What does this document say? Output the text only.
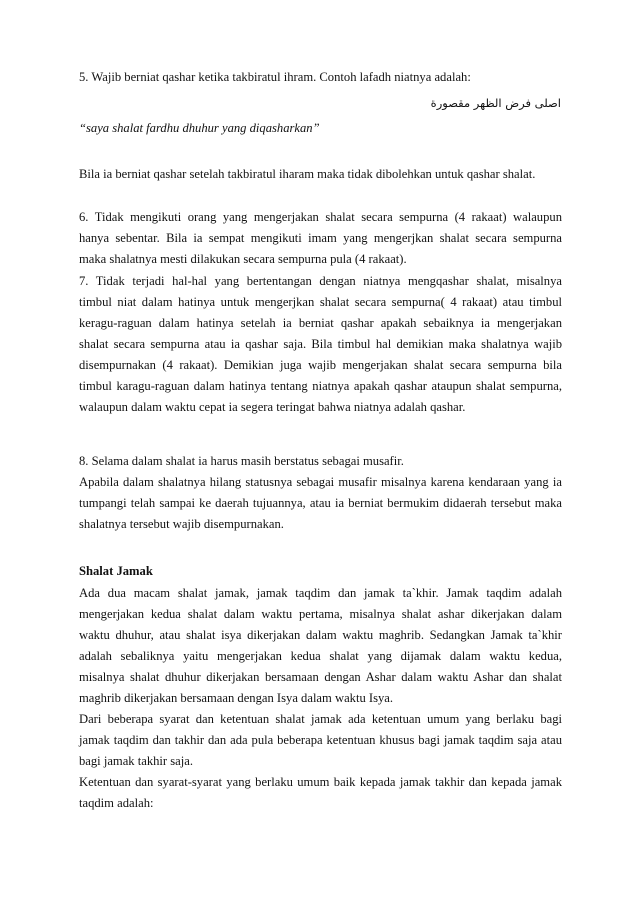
5. Wajib berniat qashar ketika takbiratul ihram. Contoh lafadh niatnya adalah:
اصلى فرض الظهر مقصورة
“saya shalat fardhu dhuhur yang diqasharkan”
Bila ia berniat qashar setelah takbiratul iharam maka tidak dibolehkan untuk qashar shalat.
6. Tidak mengikuti orang yang mengerjakan shalat secara sempurna (4 rakaat) walaupun
hanya sebentar. Bila ia sempat mengikuti imam yang mengerjkan shalat secara sempurna
maka shalatnya mesti dilakukan secara sempurna pula (4 rakaat).
7. Tidak terjadi hal-hal yang bertentangan dengan niatnya mengqashar shalat, misalnya
timbul niat dalam hatinya untuk mengerjkan shalat secara sempurna( 4 rakaat) atau timbul
keragu-raguan dalam hatinya setelah ia berniat qashar apakah sebaiknya ia mengerjakan
shalat secara sempurna atau ia qashar saja. Bila timbul hal demikian maka shalatnya wajib
disempurnakan (4 rakaat). Demikian juga wajib mengerjakan shalat secara sempurna bila
timbul karagu-raguan dalam hatinya tentang niatnya apakah qashar ataupun shalat sempurna,
walaupun dalam waktu cepat ia segera teringat bahwa niatnya adalah qashar.
8. Selama dalam shalat ia harus masih berstatus sebagai musafir.
Apabila dalam shalatnya hilang statusnya sebagai musafir misalnya karena kendaraan yang ia
tumpangi telah sampai ke daerah tujuannya, atau ia berniat bermukim didaerah tersebut maka
shalatnya tersebut wajib disempurnakan.
Shalat Jamak
Ada dua macam shalat jamak, jamak taqdim dan jamak ta`khir. Jamak taqdim adalah
mengerjakan kedua shalat dalam waktu pertama, misalnya shalat ashar dikerjakan dalam
waktu dhuhur, atau shalat isya dikerjakan dalam waktu maghrib. Sedangkan Jamak ta`khir
adalah sebaliknya yaitu mengerjakan kedua shalat yang dijamak dalam waktu kedua,
misalnya shalat dhuhur dikerjakan bersamaan dengan Ashar dalam waktu Ashar dan shalat
maghrib dikerjakan bersamaan dengan Isya dalam waktu Isya.
Dari beberapa syarat dan ketentuan shalat jamak ada ketentuan umum yang berlaku bagi
jamak taqdim dan takhir dan ada pula beberapa ketentuan khusus bagi jamak taqdim saja atau
bagi jamak takhir saja.
Ketentuan dan syarat-syarat yang berlaku umum baik kepada jamak takhir dan kepada jamak
taqdim adalah:
